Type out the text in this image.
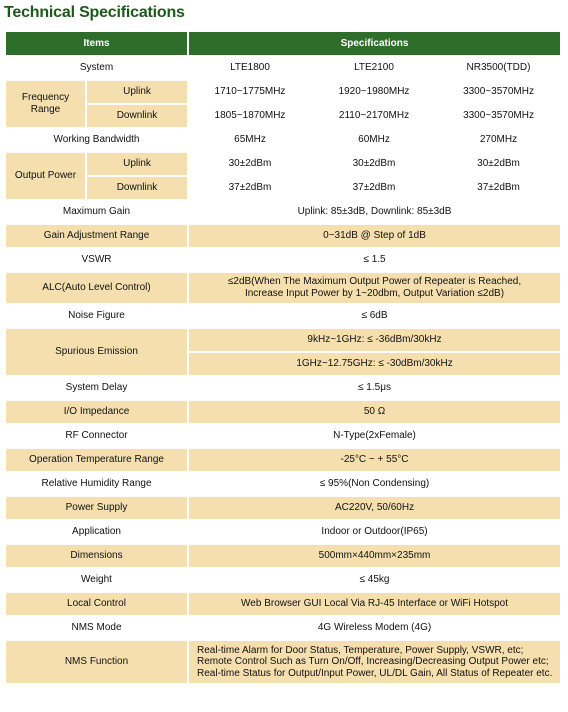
Technical Specifications
Items		Specifications		
System		LTE1800	LTE2100	NR3500(TDD)
Frequency Range	Uplink	1710~1775MHz	1920~1980MHz	3300~3570MHz
	Downlink	1805~1870MHz	2110~2170MHz	3300~3570MHz
Working Bandwidth		65MHz	60MHz	270MHz
Output Power	Uplink	30±2dBm	30±2dBm	30±2dBm
	Downlink	37±2dBm	37±2dBm	37±2dBm
Maximum Gain		Uplink: 85±3dB, Downlink: 85±3dB		
Gain Adjustment Range		0~31dB @ Step of 1dB		
VSWR		≤ 1.5		
ALC(Auto Level Control)		≤2dB(When The Maximum Output Power of Repeater is Reached,
Increase Input Power by 1~20dbm, Output Variation ≤2dB)		

Noise Figure		≤ 6dB		
Spurious Emission		9kHz~1GHz: ≤ -36dBm/30kHz		
		1GHz~12.75GHz: ≤ -30dBm/30kHz		
System Delay		≤ 1.5μs		
I/O Impedance		50 Ω		
RF Connector		N-Type(2xFemale)		
Operation Temperature Range		-25°C ~ + 55°C		
Relative Humidity Range		≤ 95%(Non Condensing)		
Power Supply		AC220V, 50/60Hz		
Application		Indoor or Outdoor(IP65)		
Dimensions		500mm×440mm×235mm		
Weight		≤ 45kg		
Local Control		Web Browser GUI Local Via RJ-45 Interface or WiFi Hotspot		
NMS Mode		4G Wireless Modem (4G)		
NMS Function		Real-time Alarm for Door Status, Temperature, Power Supply, VSWR, etc;
Remote Control Such as Turn On/Off, Increasing/Decreasing Output Power etc;
Real-time Status for Output/Input Power, UL/DL Gain, All Status of Repeater etc.		
